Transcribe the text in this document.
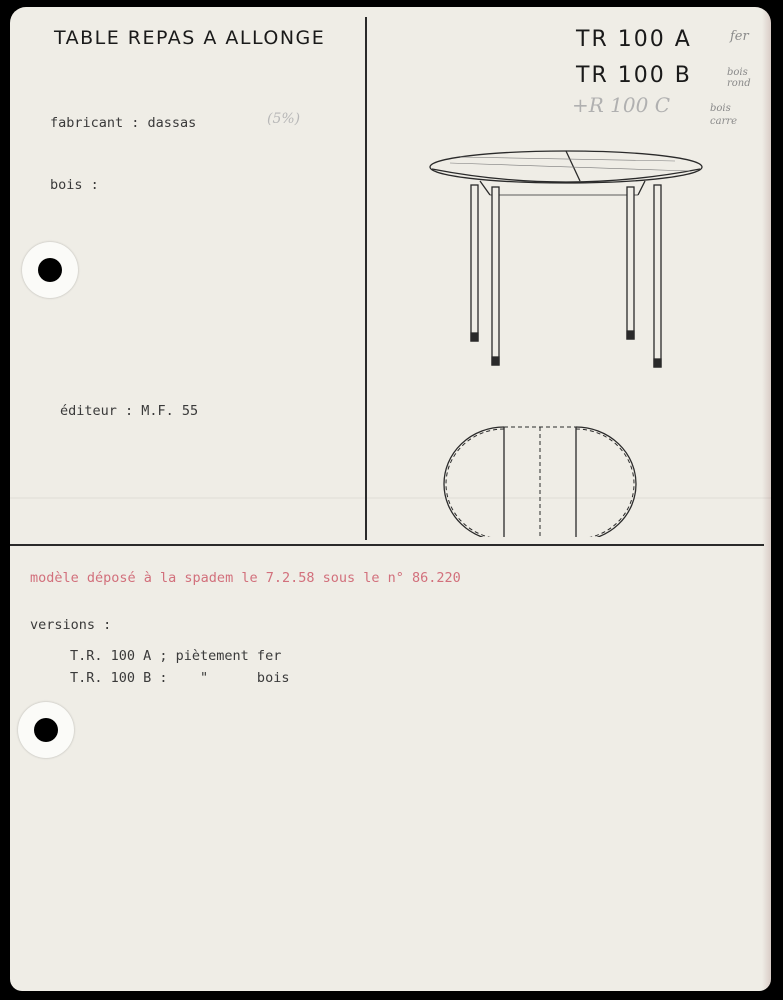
TABLE REPAS A ALLONGE	TR 100 A
TR 100 B
fer
bois
rond
+R 100 C	bois
carre
(5%)
fabricant : dassas
bois :
éditeur : M.F. 55
modèle déposé à la spadem le 7.2.58 sous le n° 86.220
versions :
T.R. 100 A ; piètement fer
T.R. 100 B :    "      bois
